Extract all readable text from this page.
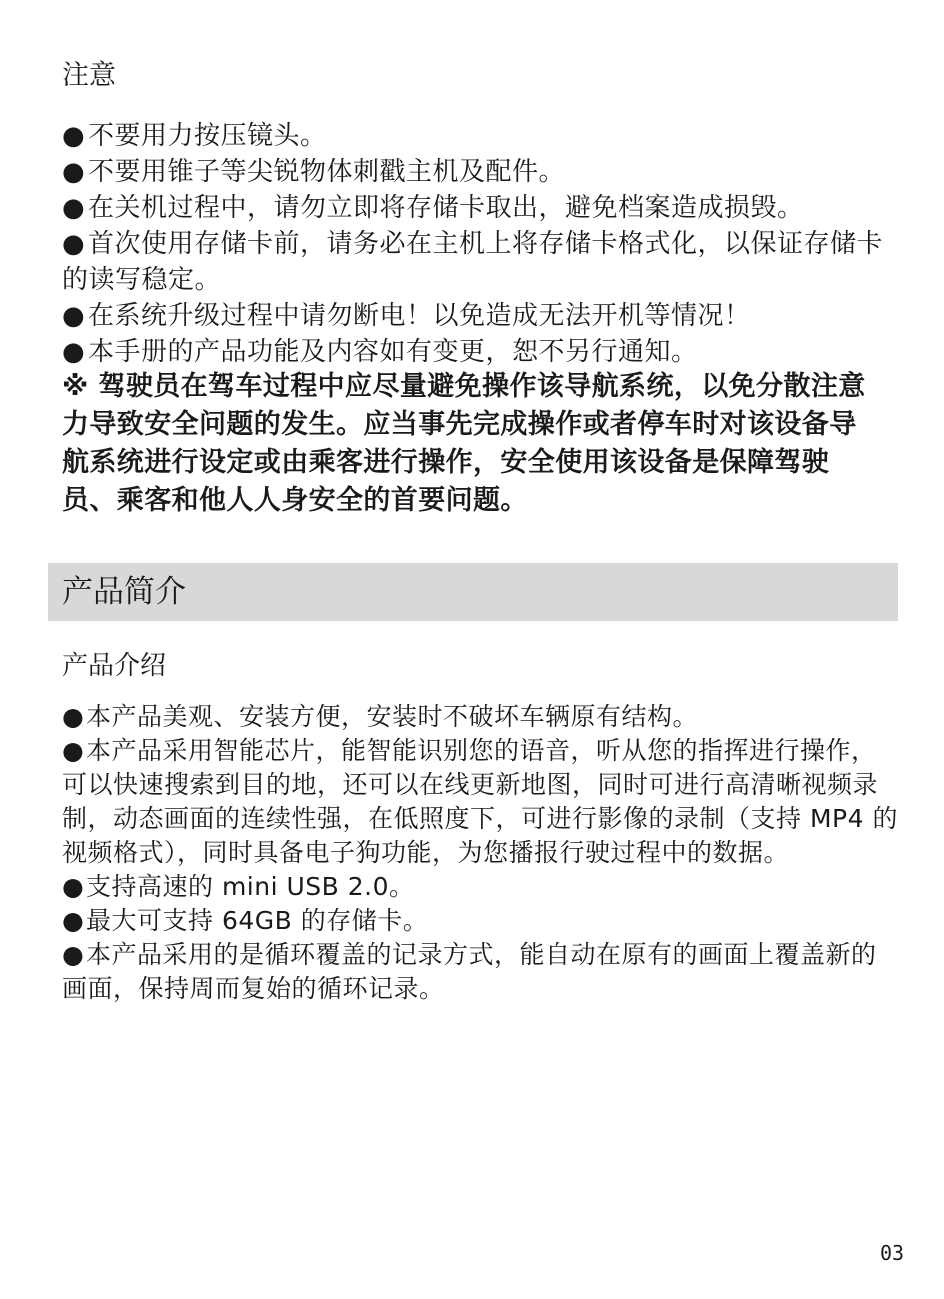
注意
● 不要用力按压镜头。
● 不要用锥子等尖锐物体刺戳主机及配件。
● 在关机过程中，请勿立即将存储卡取出，避免档案造成损毁。
● 首次使用存储卡前，请务必在主机上将存储卡格式化，以保证存储卡的读写稳定。
● 在系统升级过程中请勿断电！以免造成无法开机等情况！
● 本手册的产品功能及内容如有变更，恕不另行通知。

※ 驾驶员在驾车过程中应尽量避免操作该导航系统，以免分散注意力导致安全问题的发生。应当事先完成操作或者停车时对该设备导航系统进行设定或由乘客进行操作，安全使用该设备是保障驾驶员、乘客和他人人身安全的首要问题。

产品简介
产品介绍
●本产品美观、安装方便，安装时不破坏车辆原有结构。
●本产品采用智能芯片，能智能识别您的语音，听从您的指挥进行操作，可以快速搜索到目的地，还可以在线更新地图，同时可进行高清晰视频录制，动态画面的连续性强，在低照度下，可进行影像的录制（支持 MP4 的视频格式），同时具备电子狗功能，为您播报行驶过程中的数据。
●支持高速的 mini USB 2.0。
●最大可支持 64GB 的存储卡。
●本产品采用的是循环覆盖的记录方式，能自动在原有的画面上覆盖新的画面，保持周而复始的循环记录。
03
